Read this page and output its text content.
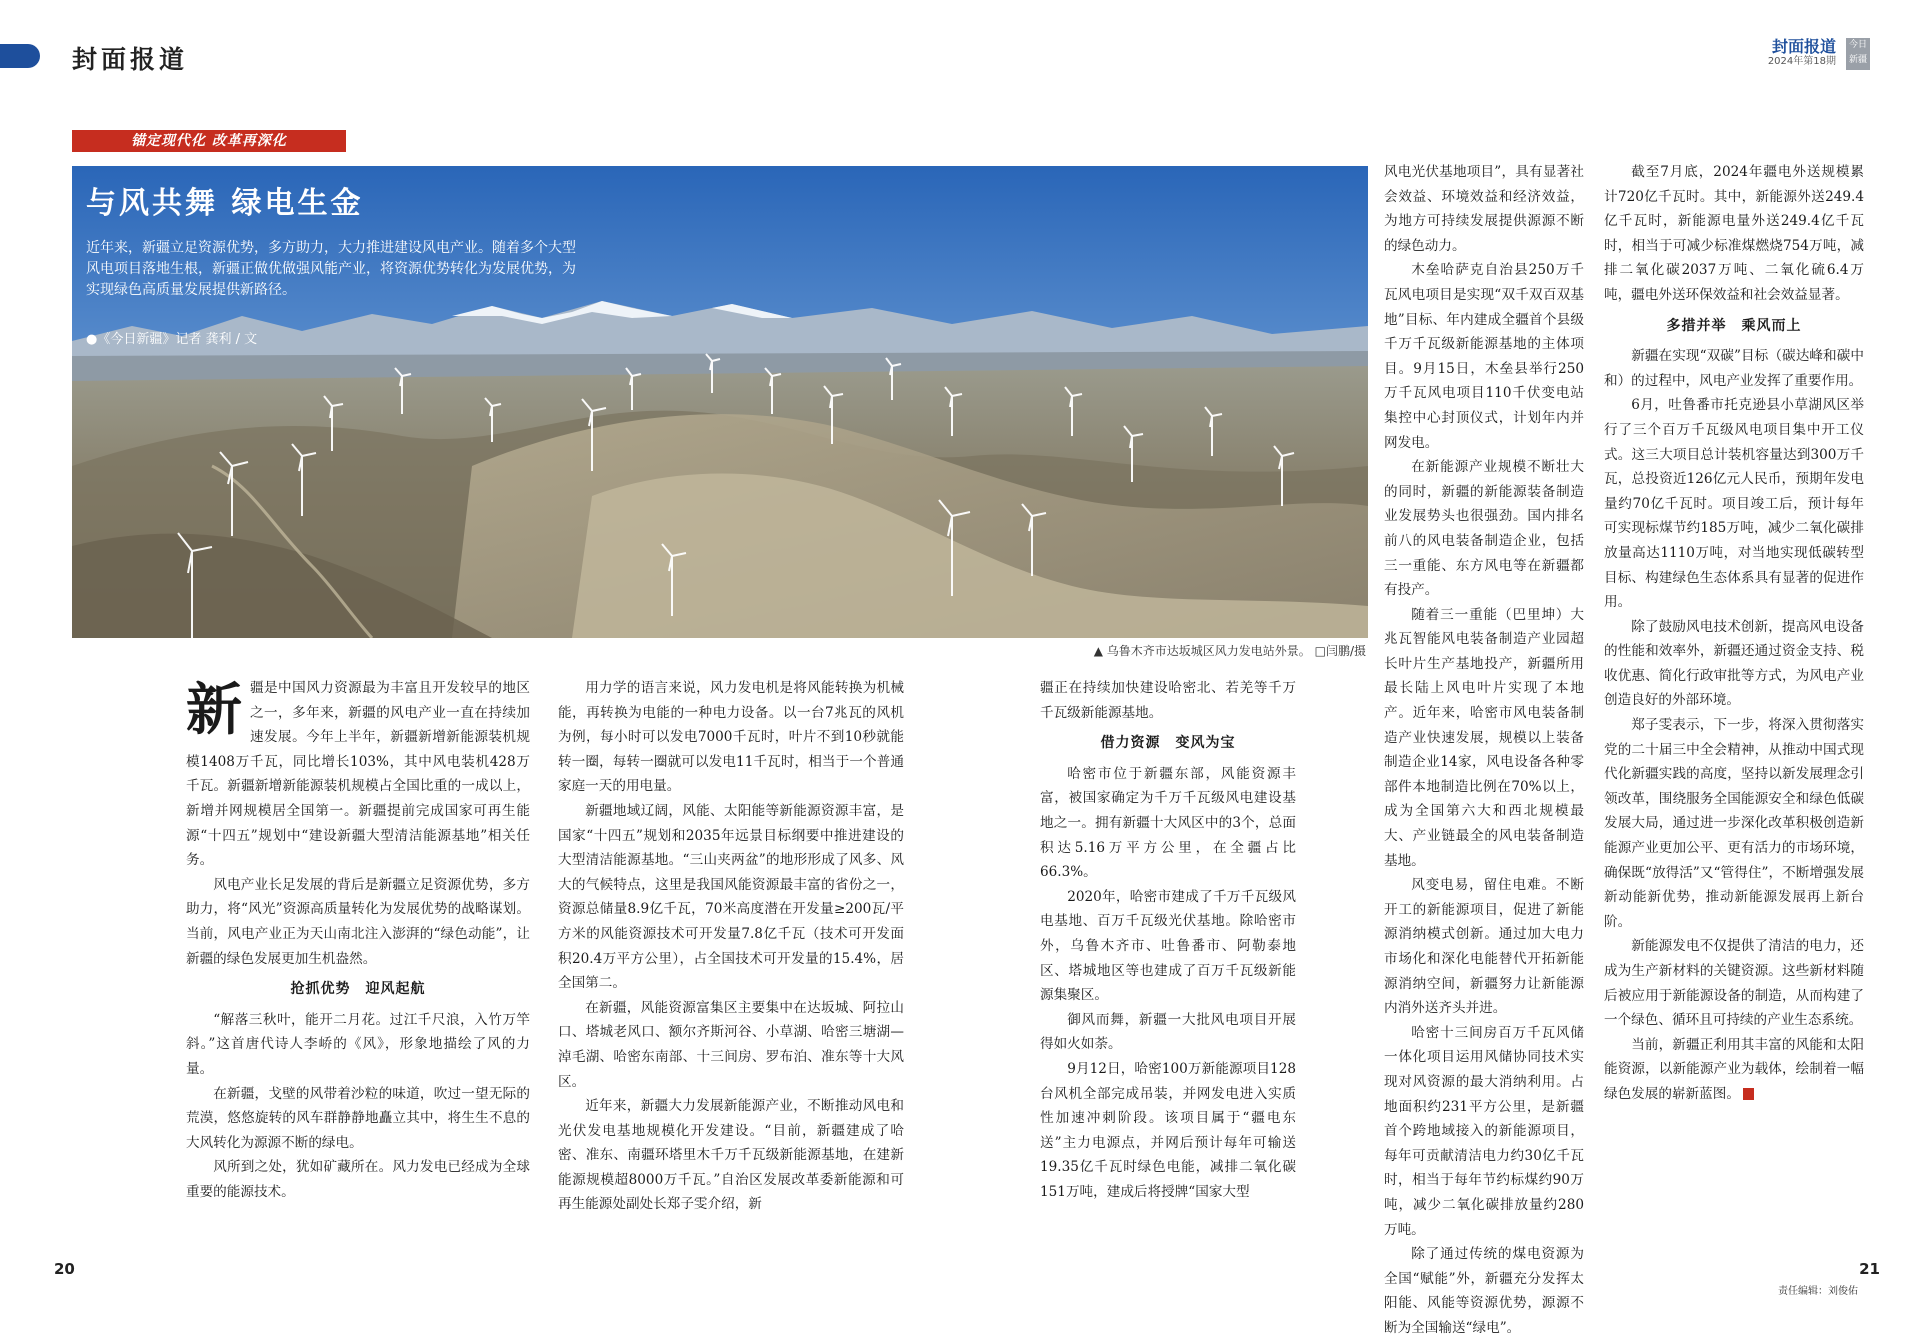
封面报道	封面报道
2024年第18期
今日新疆
锚定现代化 改革再深化
与风共舞 绿电生金
近年来，新疆立足资源优势，多方助力，大力推进建设风电产业。随着多个大型风电项目落地生根，新疆正做优做强风能产业，将资源优势转化为发展优势，为实现绿色高质量发展提供新路径。
●《今日新疆》记者 龚利 / 文
▲ 乌鲁木齐市达坂城区风力发电站外景。 □闫鹏/摄

新疆是中国风力资源最为丰富且开发较早的地区之一，多年来，新疆的风电产业一直在持续加速发展。今年上半年，新疆新增新能源装机规模1408万千瓦，同比增长103%，其中风电装机428万千瓦。新疆新增新能源装机规模占全国比重的一成以上，新增并网规模居全国第一。新疆提前完成国家可再生能源“十四五”规划中“建设新疆大型清洁能源基地”相关任务。

风电产业长足发展的背后是新疆立足资源优势，多方助力，将“风光”资源高质量转化为发展优势的战略谋划。当前，风电产业正为天山南北注入澎湃的“绿色动能”，让新疆的绿色发展更加生机盎然。

抢抓优势　迎风起航

“解落三秋叶，能开二月花。过江千尺浪，入竹万竿斜。”这首唐代诗人李峤的《风》，形象地描绘了风的力量。

在新疆，戈壁的风带着沙粒的味道，吹过一望无际的荒漠，悠悠旋转的风车群静静地矗立其中，将生生不息的大风转化为源源不断的绿电。

风所到之处，犹如矿藏所在。风力发电已经成为全球重要的能源技术。

用力学的语言来说，风力发电机是将风能转换为机械能，再转换为电能的一种电力设备。以一台7兆瓦的风机为例，每小时可以发电7000千瓦时，叶片不到10秒就能转一圈，每转一圈就可以发电11千瓦时，相当于一个普通家庭一天的用电量。

新疆地域辽阔，风能、太阳能等新能源资源丰富，是国家“十四五”规划和2035年远景目标纲要中推进建设的大型清洁能源基地。“三山夹两盆”的地形形成了风多、风大的气候特点，这里是我国风能资源最丰富的省份之一，资源总储量8.9亿千瓦，70米高度潜在开发量≥200瓦/平方米的风能资源技术可开发量7.8亿千瓦（技术可开发面积20.4万平方公里），占全国技术可开发量的15.4%，居全国第二。

在新疆，风能资源富集区主要集中在达坂城、阿拉山口、塔城老风口、额尔齐斯河谷、小草湖、哈密三塘湖—淖毛湖、哈密东南部、十三间房、罗布泊、准东等十大风区。

近年来，新疆大力发展新能源产业，不断推动风电和光伏发电基地规模化开发建设。“目前，新疆建成了哈密、准东、南疆环塔里木千万千瓦级新能源基地，在建新能源规模超8000万千瓦。”自治区发展改革委新能源和可再生能源处副处长郑子雯介绍，新

疆正在持续加快建设哈密北、若羌等千万千瓦级新能源基地。

借力资源　变风为宝

哈密市位于新疆东部，风能资源丰富，被国家确定为千万千瓦级风电建设基地之一。拥有新疆十大风区中的3个，总面积达5.16万平方公里，在全疆占比66.3%。

2020年，哈密市建成了千万千瓦级风电基地、百万千瓦级光伏基地。除哈密市外，乌鲁木齐市、吐鲁番市、阿勒泰地区、塔城地区等也建成了百万千瓦级新能源集聚区。

御风而舞，新疆一大批风电项目开展得如火如荼。

9月12日，哈密100万新能源项目128台风机全部完成吊装，并网发电进入实质性加速冲刺阶段。该项目属于“疆电东送”主力电源点，并网后预计每年可输送19.35亿千瓦时绿色电能，减排二氧化碳151万吨，建成后将授牌“国家大型

风电光伏基地项目”，具有显著社会效益、环境效益和经济效益，为地方可持续发展提供源源不断的绿色动力。

木垒哈萨克自治县250万千瓦风电项目是实现“双千双百双基地”目标、年内建成全疆首个县级千万千瓦级新能源基地的主体项目。9月15日，木垒县举行250万千瓦风电项目110千伏变电站集控中心封顶仪式，计划年内并网发电。

在新能源产业规模不断壮大的同时，新疆的新能源装备制造业发展势头也很强劲。国内排名前八的风电装备制造企业，包括三一重能、东方风电等在新疆都有投产。

随着三一重能（巴里坤）大兆瓦智能风电装备制造产业园超长叶片生产基地投产，新疆所用最长陆上风电叶片实现了本地产。近年来，哈密市风电装备制造产业快速发展，规模以上装备制造企业14家，风电设备各种零部件本地制造比例在70%以上，成为全国第六大和西北规模最大、产业链最全的风电装备制造基地。

风变电易，留住电难。不断开工的新能源项目，促进了新能源消纳模式创新。通过加大电力市场化和深化电能替代开拓新能源消纳空间，新疆努力让新能源内消外送齐头并进。

哈密十三间房百万千瓦风储一体化项目运用风储协同技术实现对风资源的最大消纳利用。占地面积约231平方公里，是新疆首个跨地域接入的新能源项目，每年可贡献清洁电力约30亿千瓦时，相当于每年节约标煤约90万吨，减少二氧化碳排放量约280万吨。

除了通过传统的煤电资源为全国“赋能”外，新疆充分发挥太阳能、风能等资源优势，源源不断为全国输送“绿电”。

截至7月底，2024年疆电外送规模累计720亿千瓦时。其中，新能源外送249.4亿千瓦时，新能源电量外送249.4亿千瓦时，相当于可减少标准煤燃烧754万吨，减排二氧化碳2037万吨、二氧化硫6.4万吨，疆电外送环保效益和社会效益显著。

多措并举　乘风而上

新疆在实现“双碳”目标（碳达峰和碳中和）的过程中，风电产业发挥了重要作用。

6月，吐鲁番市托克逊县小草湖风区举行了三个百万千瓦级风电项目集中开工仪式。这三大项目总计装机容量达到300万千瓦，总投资近126亿元人民币，预期年发电量约70亿千瓦时。项目竣工后，预计每年可实现标煤节约185万吨，减少二氧化碳排放量高达1110万吨，对当地实现低碳转型目标、构建绿色生态体系具有显著的促进作用。

除了鼓励风电技术创新，提高风电设备的性能和效率外，新疆还通过资金支持、税收优惠、简化行政审批等方式，为风电产业创造良好的外部环境。

郑子雯表示，下一步，将深入贯彻落实党的二十届三中全会精神，从推动中国式现代化新疆实践的高度，坚持以新发展理念引领改革，围绕服务全国能源安全和绿色低碳发展大局，通过进一步深化改革积极创造新能源产业更加公平、更有活力的市场环境，确保既“放得活”又“管得住”，不断增强发展新动能新优势，推动新能源发展再上新台阶。

新能源发电不仅提供了清洁的电力，还成为生产新材料的关键资源。这些新材料随后被应用于新能源设备的制造，从而构建了一个绿色、循环且可持续的产业生态系统。

当前，新疆正利用其丰富的风能和太阳能资源，以新能源产业为载体，绘制着一幅绿色发展的崭新蓝图。

20	21
责任编辑：刘俊佑
